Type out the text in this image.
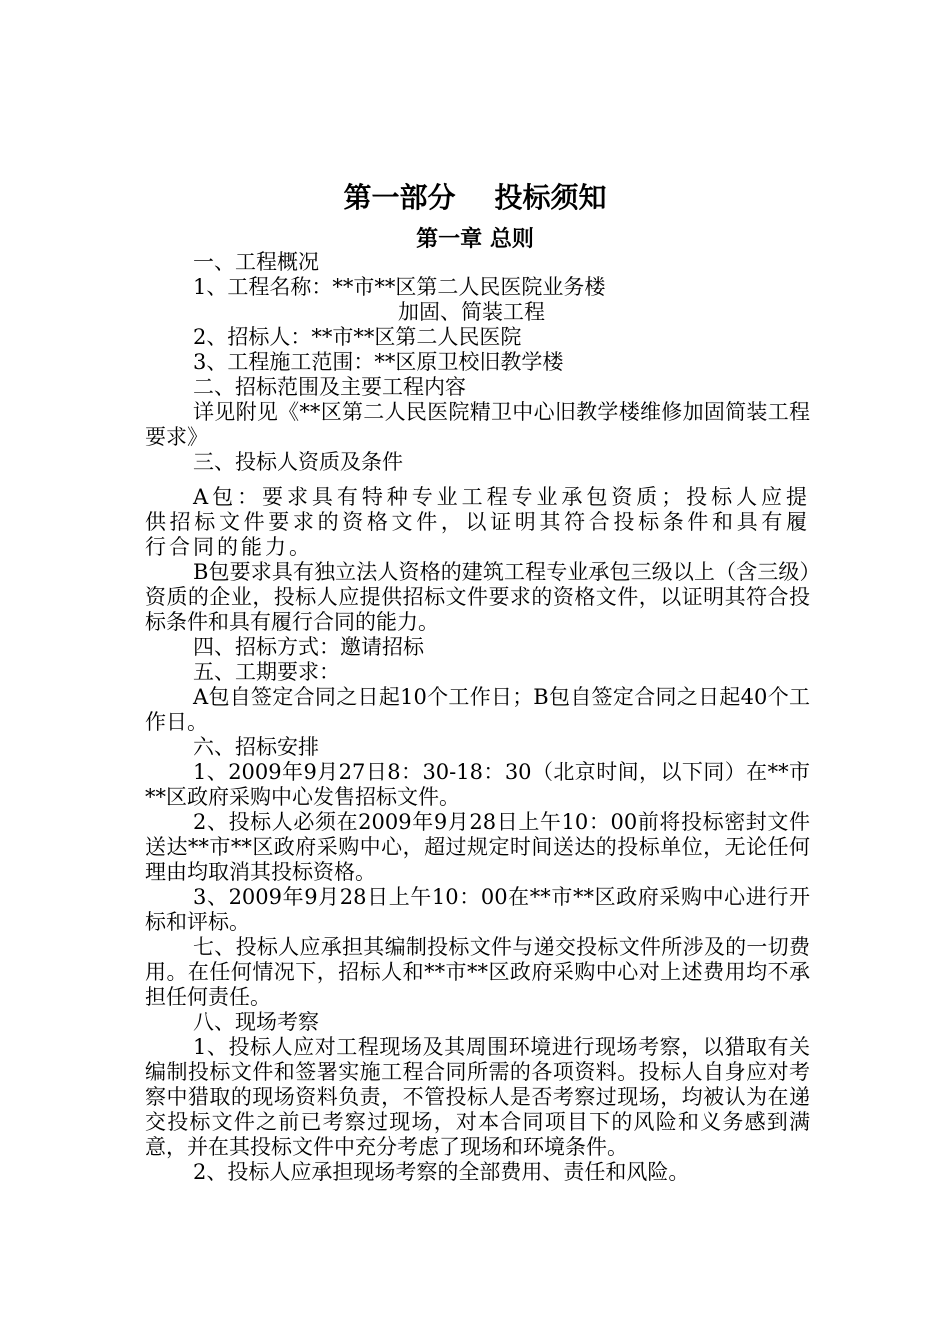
第一部分    投标须知
第一章 总则

一、工程概况

1、工程名称：**市**区第二人民医院业务楼

加固、简装工程

2、招标人：**市**区第二人民医院

3、工程施工范围：**区原卫校旧教学楼

二、招标范围及主要工程内容

详见附见《**区第二人民医院精卫中心旧教学楼维修加固简装工程要求》

三、投标人资质及条件

A包：要求具有特种专业工程专业承包资质；投标人应提供招标文件要求的资格文件，以证明其符合投标条件和具有履行合同的能力。

B包要求具有独立法人资格的建筑工程专业承包三级以上（含三级）资质的企业，投标人应提供招标文件要求的资格文件，以证明其符合投标条件和具有履行合同的能力。

四、招标方式：邀请招标

五、工期要求：

A包自签定合同之日起10个工作日；B包自签定合同之日起40个工作日。

六、招标安排

1、2009年9月27日8：30-18：30（北京时间，以下同）在**市**区政府采购中心发售招标文件。

2、投标人必须在2009年9月28日上午10：00前将投标密封文件送达**市**区政府采购中心，超过规定时间送达的投标单位，无论任何理由均取消其投标资格。

3、2009年9月28日上午10：00在**市**区政府采购中心进行开标和评标。

七、投标人应承担其编制投标文件与递交投标文件所涉及的一切费用。在任何情况下，招标人和**市**区政府采购中心对上述费用均不承担任何责任。

八、现场考察

1、投标人应对工程现场及其周围环境进行现场考察，以猎取有关编制投标文件和签署实施工程合同所需的各项资料。投标人自身应对考察中猎取的现场资料负责，不管投标人是否考察过现场，均被认为在递交投标文件之前已考察过现场，对本合同项目下的风险和义务感到满意，并在其投标文件中充分考虑了现场和环境条件。

2、投标人应承担现场考察的全部费用、责任和风险。
